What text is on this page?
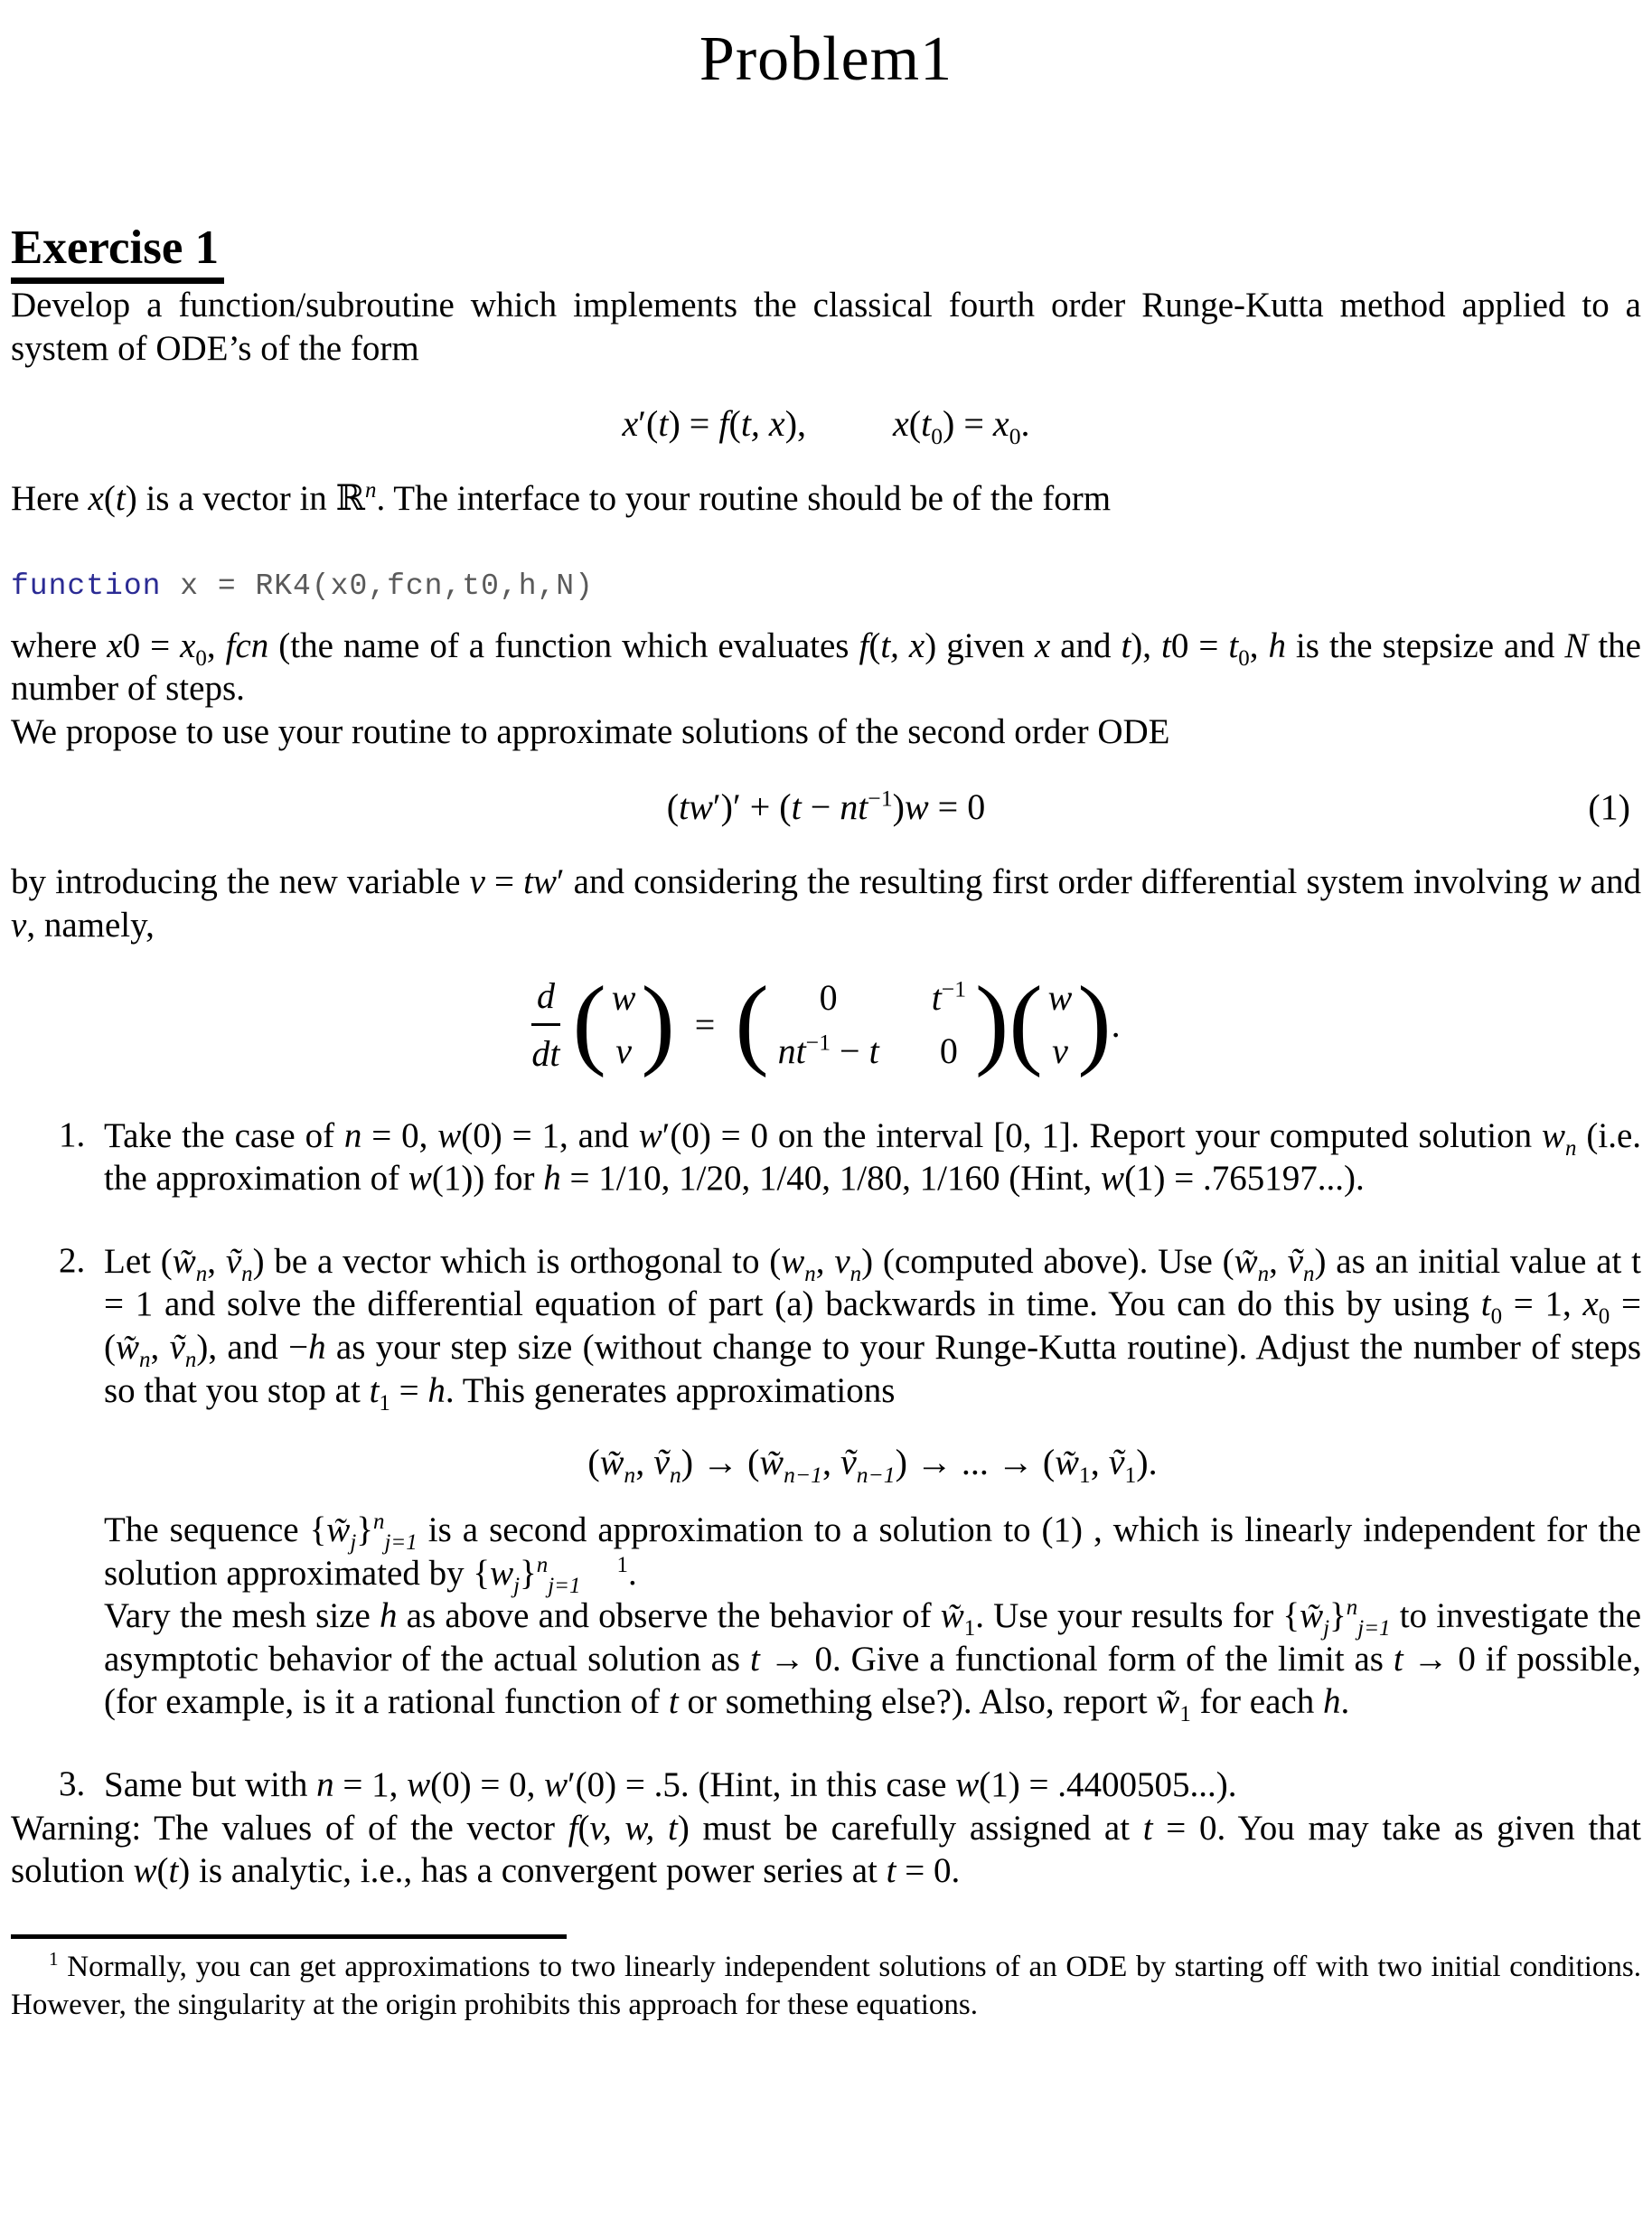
Problem1
Exercise 1

Develop a function/subroutine which implements the classical fourth order Runge-Kutta method applied to a system of ODE’s of the form

x′(t) = f(t, x), $x(t_0) = x_0$.

Here x(t) is a vector in ℝ$^n$. The interface to your routine should be of the form

function x = RK4(x0,fcn,t0,h,N)

where $x0 = x_0$, fcn (the name of a function which evaluates f(t, x) given x and t), $t0 = t_0$, h is the stepsize and N the number of steps.

We propose to use your routine to approximate solutions of the second order ODE

$(tw')' + (t - nt^{-1})w = 0$	(1)

by introducing the new variable v = tw′ and considering the resulting first order differential system involving w and v, namely,

$\frac{d}{dt}$ ( w
v ) = ( 0	$t^{-1}$
$nt^{-1} - t$ 0 ) ( w
v ) .
1. Take the case of n = 0, w(0) = 1, and w′(0) = 0 on the interval [0, 1]. Report your computed solution $w_n$ (i.e. the approximation of w(1)) for h = 1/10, 1/20, 1/40, 1/80, 1/160 (Hint, w(1) = .765197...).

2. Let ($w̃_n$, $ṽ_n$) be a vector which is orthogonal to ($w_n$, $v_n$) (computed above). Use ($w̃_n$, $ṽ_n$) as an initial value at t = 1 and solve the differential equation of part (a) backwards in time. You can do this by using $t_0 = 1$, $x_0$ = ($w̃_n$, $ṽ_n$), and −h as your step size (without change to your Runge-Kutta routine). Adjust the number of steps so that you stop at $t_1 = h$. This generates approximations

($w̃_n$, $ṽ_n$) → ($w̃_{n-1}$, $ṽ_{n-1}$) → ... → ($w̃_1$, $ṽ_1$).

The sequence $\{w̃_j\}^n_{j=1}$ is a second approximation to a solution to (1) , which is linearly independent for the solution approximated by $\{w_j\}^n_{j=1}^1$.

Vary the mesh size h as above and observe the behavior of $w̃_1$. Use your results for $\{w̃_j\}^n_{j=1}$ to investigate the asymptotic behavior of the actual solution as t → 0. Give a functional form of the limit as t → 0 if possible, (for example, is it a rational function of t or something else?). Also, report $w̃_1$ for each h.

3. Same but with n = 1, w(0) = 0, w′(0) = .5. (Hint, in this case w(1) = .4400505...).

Warning: The values of of the vector f(v, w, t) must be carefully assigned at t = 0. You may take as given that solution w(t) is analytic, i.e., has a convergent power series at t = 0.

$^1$ Normally, you can get approximations to two linearly independent solutions of an ODE by starting off with two initial conditions. However, the singularity at the origin prohibits this approach for these equations.
